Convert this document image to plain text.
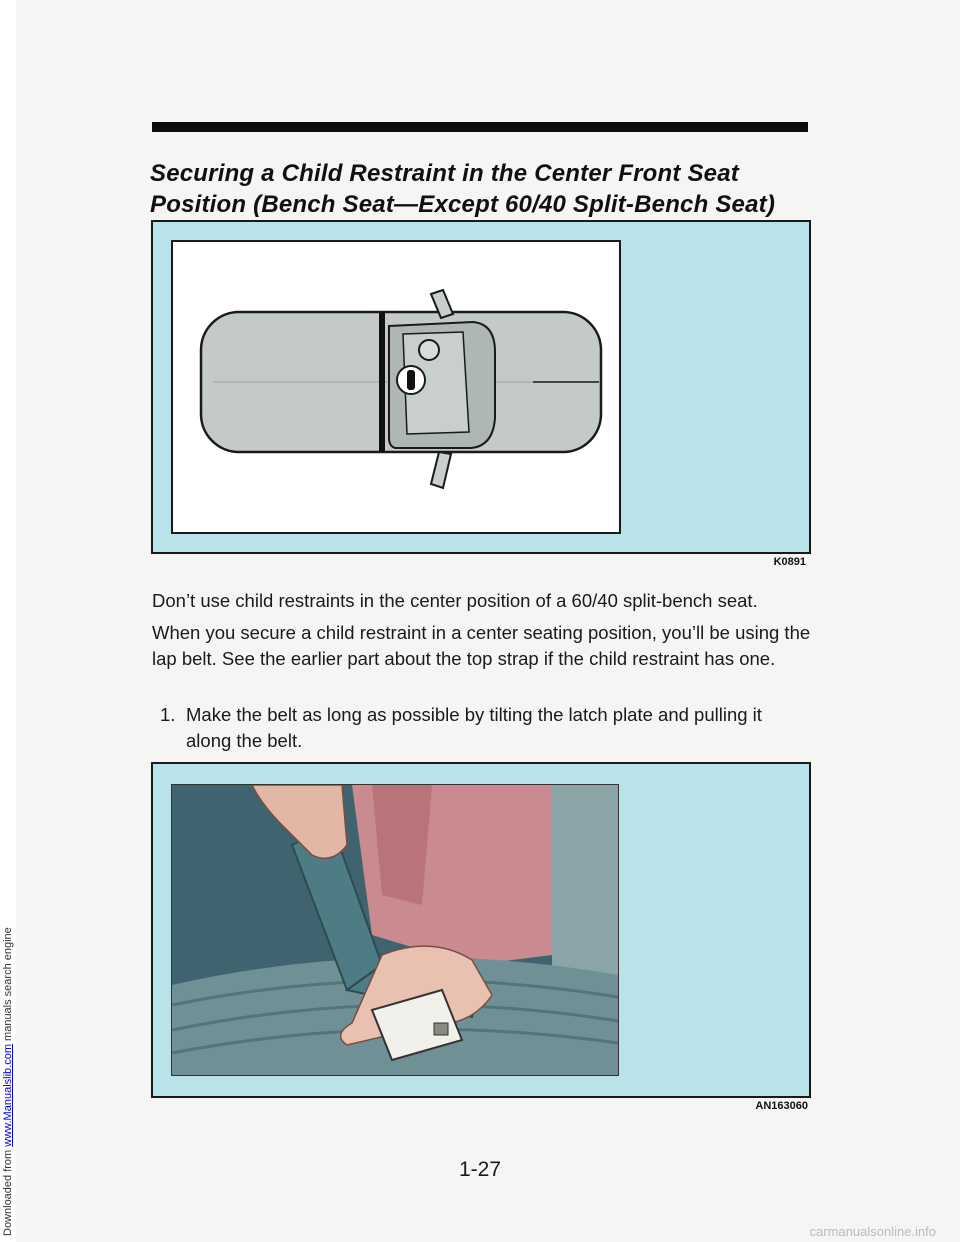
Downloaded from www.Manualslib.com manuals search engine
Securing a Child Restraint in the Center Front Seat Position (Bench Seat—Except 60/40 Split-Bench Seat)
K0891
Don’t use child restraints in the center position of a 60/40 split-bench seat.
When you secure a child restraint in a center seating position, you’ll be using the lap belt. See the earlier part about the top strap if the child restraint has one.
1. Make the belt as long as possible by tilting the latch plate and pulling it along the belt.
AN163060
1-27
carmanualsonline.info
